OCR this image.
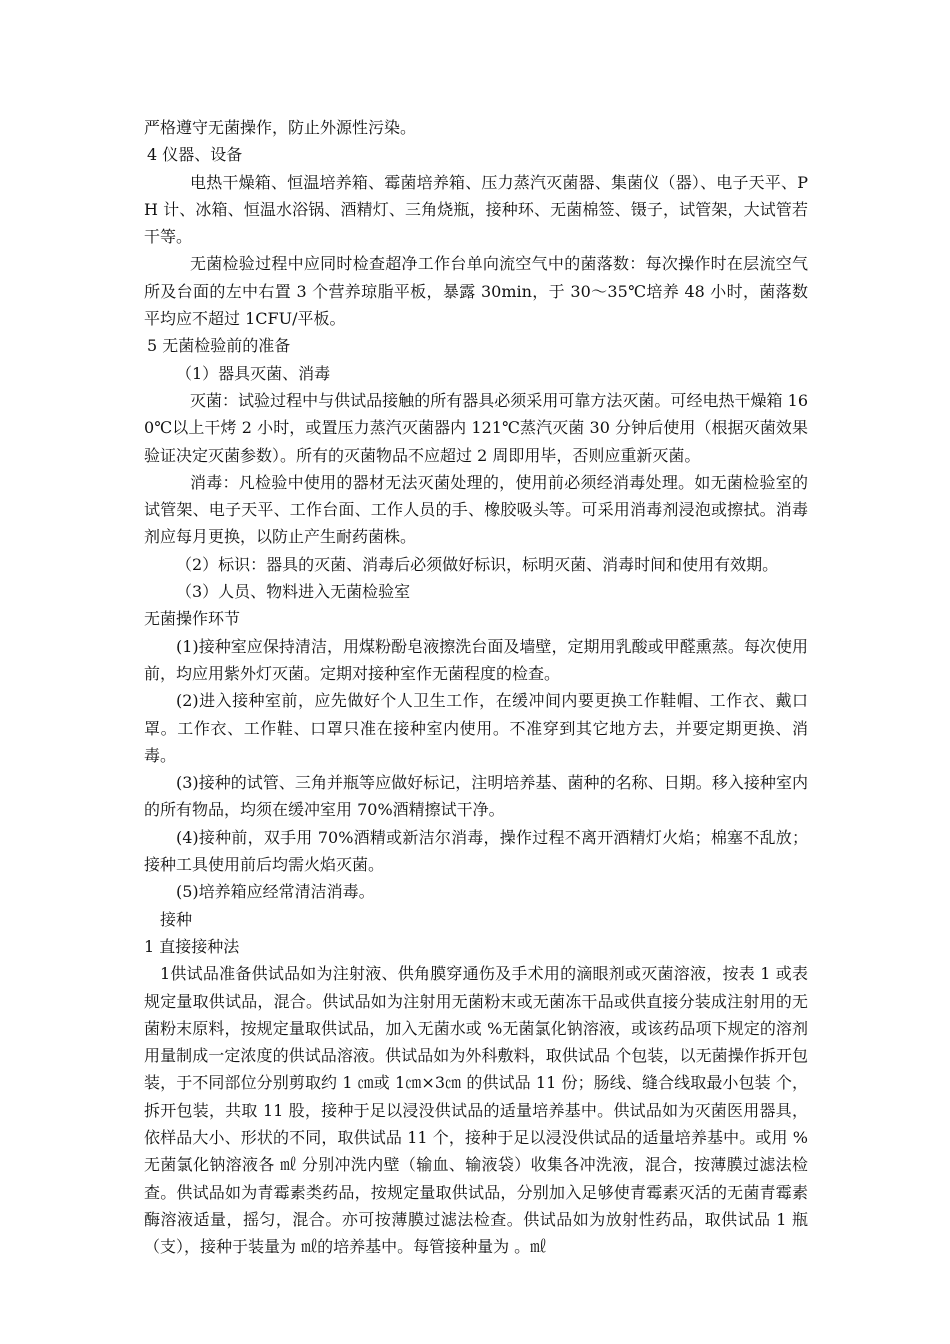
严格遵守无菌操作，防止外源性污染。

4 仪器、设备

电热干燥箱、恒温培养箱、霉菌培养箱、压力蒸汽灭菌器、集菌仪（器）、电子天平、PH 计、冰箱、恒温水浴锅、酒精灯、三角烧瓶，接种环、无菌棉签、镊子，试管架，大试管若干等。

无菌检验过程中应同时检查超净工作台单向流空气中的菌落数：每次操作时在层流空气所及台面的左中右置 3 个营养琼脂平板，暴露 30min，于 30～35℃培养 48 小时，菌落数平均应不超过 1CFU/平板。

5 无菌检验前的准备

（1）器具灭菌、消毒

灭菌：试验过程中与供试品接触的所有器具必须采用可靠方法灭菌。可经电热干燥箱 160℃以上干烤 2 小时，或置压力蒸汽灭菌器内 121℃蒸汽灭菌 30 分钟后使用（根据灭菌效果验证决定灭菌参数）。所有的灭菌物品不应超过 2 周即用毕，否则应重新灭菌。

消毒：凡检验中使用的器材无法灭菌处理的，使用前必须经消毒处理。如无菌检验室的试管架、电子天平、工作台面、工作人员的手、橡胶吸头等。可采用消毒剂浸泡或擦拭。消毒剂应每月更换，以防止产生耐药菌株。

（2）标识：器具的灭菌、消毒后必须做好标识，标明灭菌、消毒时间和使用有效期。

（3）人员、物料进入无菌检验室

无菌操作环节

(1)接种室应保持清洁，用煤粉酚皂液擦洗台面及墙壁，定期用乳酸或甲醛熏蒸。每次使用前，均应用紫外灯灭菌。定期对接种室作无菌程度的检查。

(2)进入接种室前，应先做好个人卫生工作，在缓冲间内要更换工作鞋帽、工作衣、戴口罩。工作衣、工作鞋、口罩只准在接种室内使用。不准穿到其它地方去，并要定期更换、消毒。

(3)接种的试管、三角并瓶等应做好标记，注明培养基、菌种的名称、日期。移入接种室内的所有物品，均须在缓冲室用 70%酒精擦试干净。

(4)接种前，双手用 70%酒精或新洁尔消毒，操作过程不离开酒精灯火焰；棉塞不乱放；接种工具使用前后均需火焰灭菌。

(5)培养箱应经常清洁消毒。

接种

1 直接接种法

1供试品准备供试品如为注射液、供角膜穿通伤及手术用的滴眼剂或灭菌溶液，按表 1 或表 规定量取供试品，混合。供试品如为注射用无菌粉末或无菌冻干品或供直接分装成注射用的无菌粉末原料，按规定量取供试品，加入无菌水或 %无菌氯化钠溶液，或该药品项下规定的溶剂用量制成一定浓度的供试品溶液。供试品如为外科敷料，取供试品 个包装，以无菌操作拆开包装，于不同部位分别剪取约 1 ㎝或 1㎝×3㎝ 的供试品 11 份；肠线、缝合线取最小包装 个，拆开包装，共取 11 股，接种于足以浸没供试品的适量培养基中。供试品如为灭菌医用器具，依样品大小、形状的不同，取供试品 11 个，接种于足以浸没供试品的适量培养基中。或用 %无菌氯化钠溶液各 ㎖ 分别冲洗内壁（输血、输液袋）收集各冲洗液，混合，按薄膜过滤法检查。供试品如为青霉素类药品，按规定量取供试品，分别加入足够使青霉素灭活的无菌青霉素酶溶液适量，摇匀，混合。亦可按薄膜过滤法检查。供试品如为放射性药品，取供试品 1 瓶（支），接种于装量为 ㎖的培养基中。每管接种量为 。㎖
